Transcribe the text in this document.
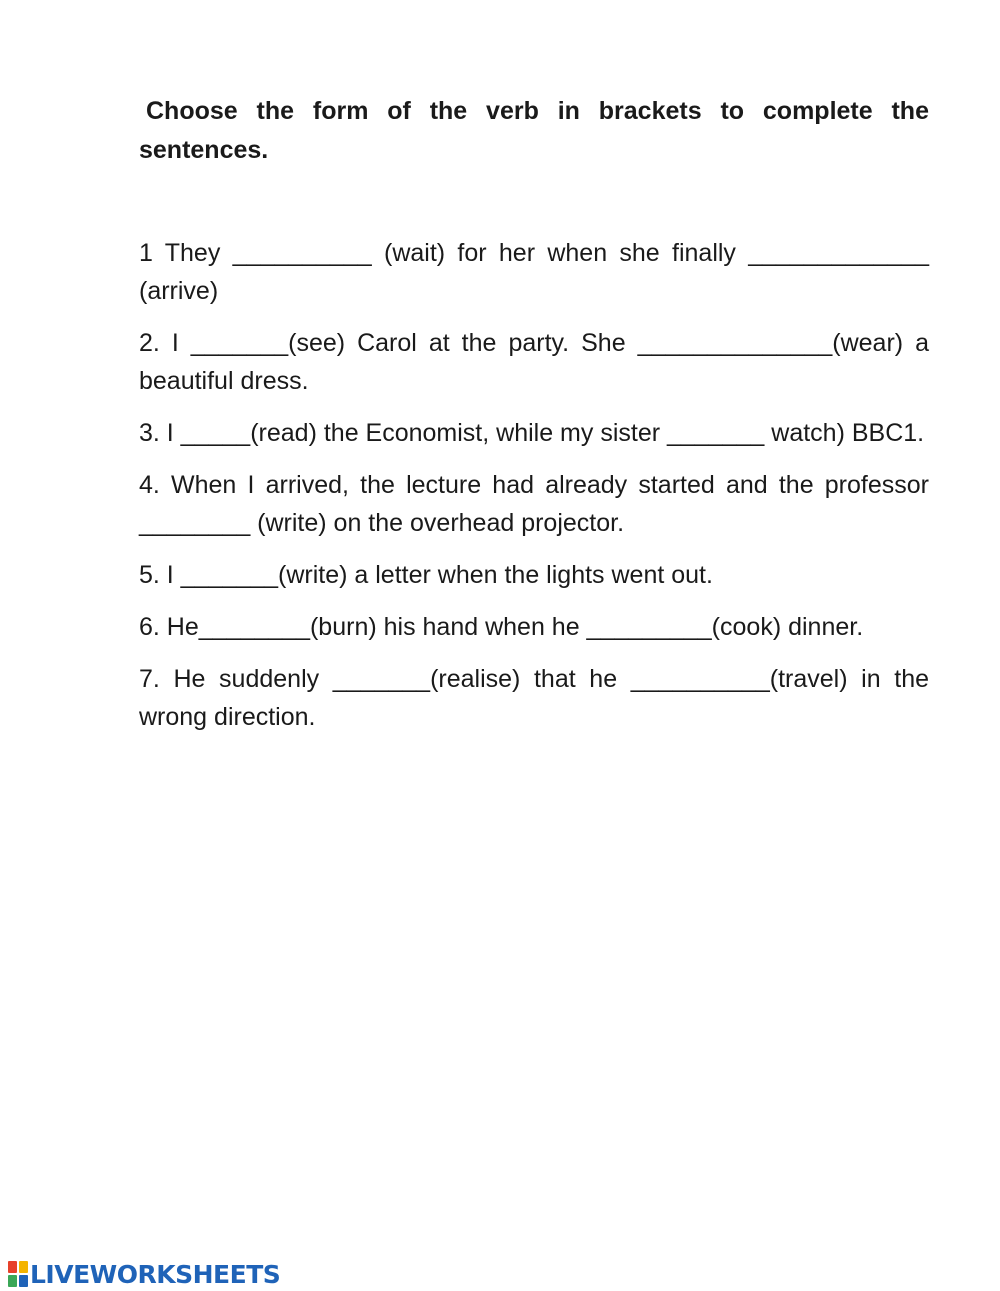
Choose the form of the verb in brackets to complete the sentences.

1 They __________ (wait) for her when she finally _____________ (arrive)

2. I _______(see) Carol at the party. She ______________(wear) a beautiful dress.

3. I _____(read) the Economist, while my sister _______ watch) BBC1.

4. When I arrived, the lecture had already started and the professor ________ (write) on the overhead projector.

5. I _______(write) a letter when the lights went out.

6. He________(burn) his hand when he _________(cook) dinner.

7. He suddenly _______(realise) that he __________(travel) in the wrong direction.

LIVEWORKSHEETS
